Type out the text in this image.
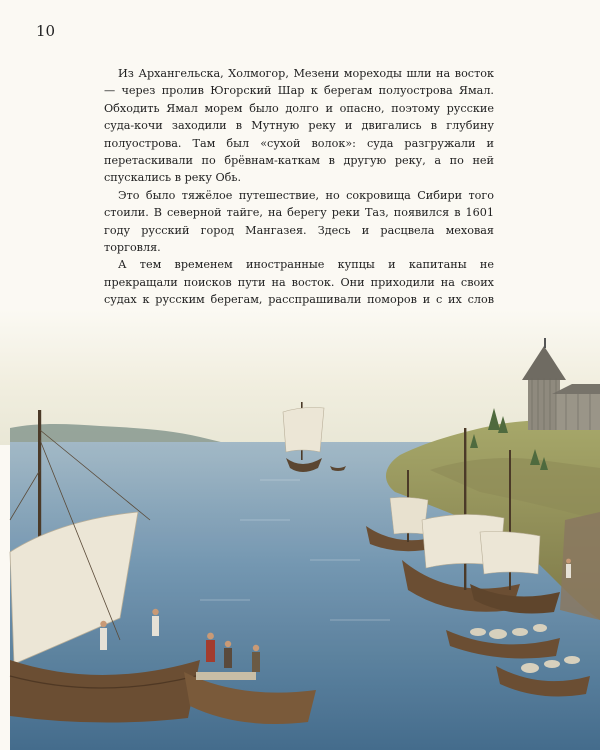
10

Из Архангельска, Холмогор, Мезени мореходы шли на восток — через пролив Югорский Шар к берегам полуострова Ямал. Обходить Ямал морем было долго и опасно, поэтому русские суда-кочи заходили в Мутную реку и двигались в глубину полуострова. Там был «сухой волок»: суда разгружали и перетаскивали по брёвнам-каткам в другую реку, а по ней спускались в реку Обь.

Это было тяжёлое путешествие, но сокровища Сибири того стоили. В северной тайге, на берегу реки Таз, появился в 1601 году русский город Мангазея. Здесь и расцвела меховая торговля.

А тем временем иностранные купцы и капитаны не прекращали поисков пути на восток. Они приходили на своих судах к русским берегам, расспрашивали поморов и с их слов
